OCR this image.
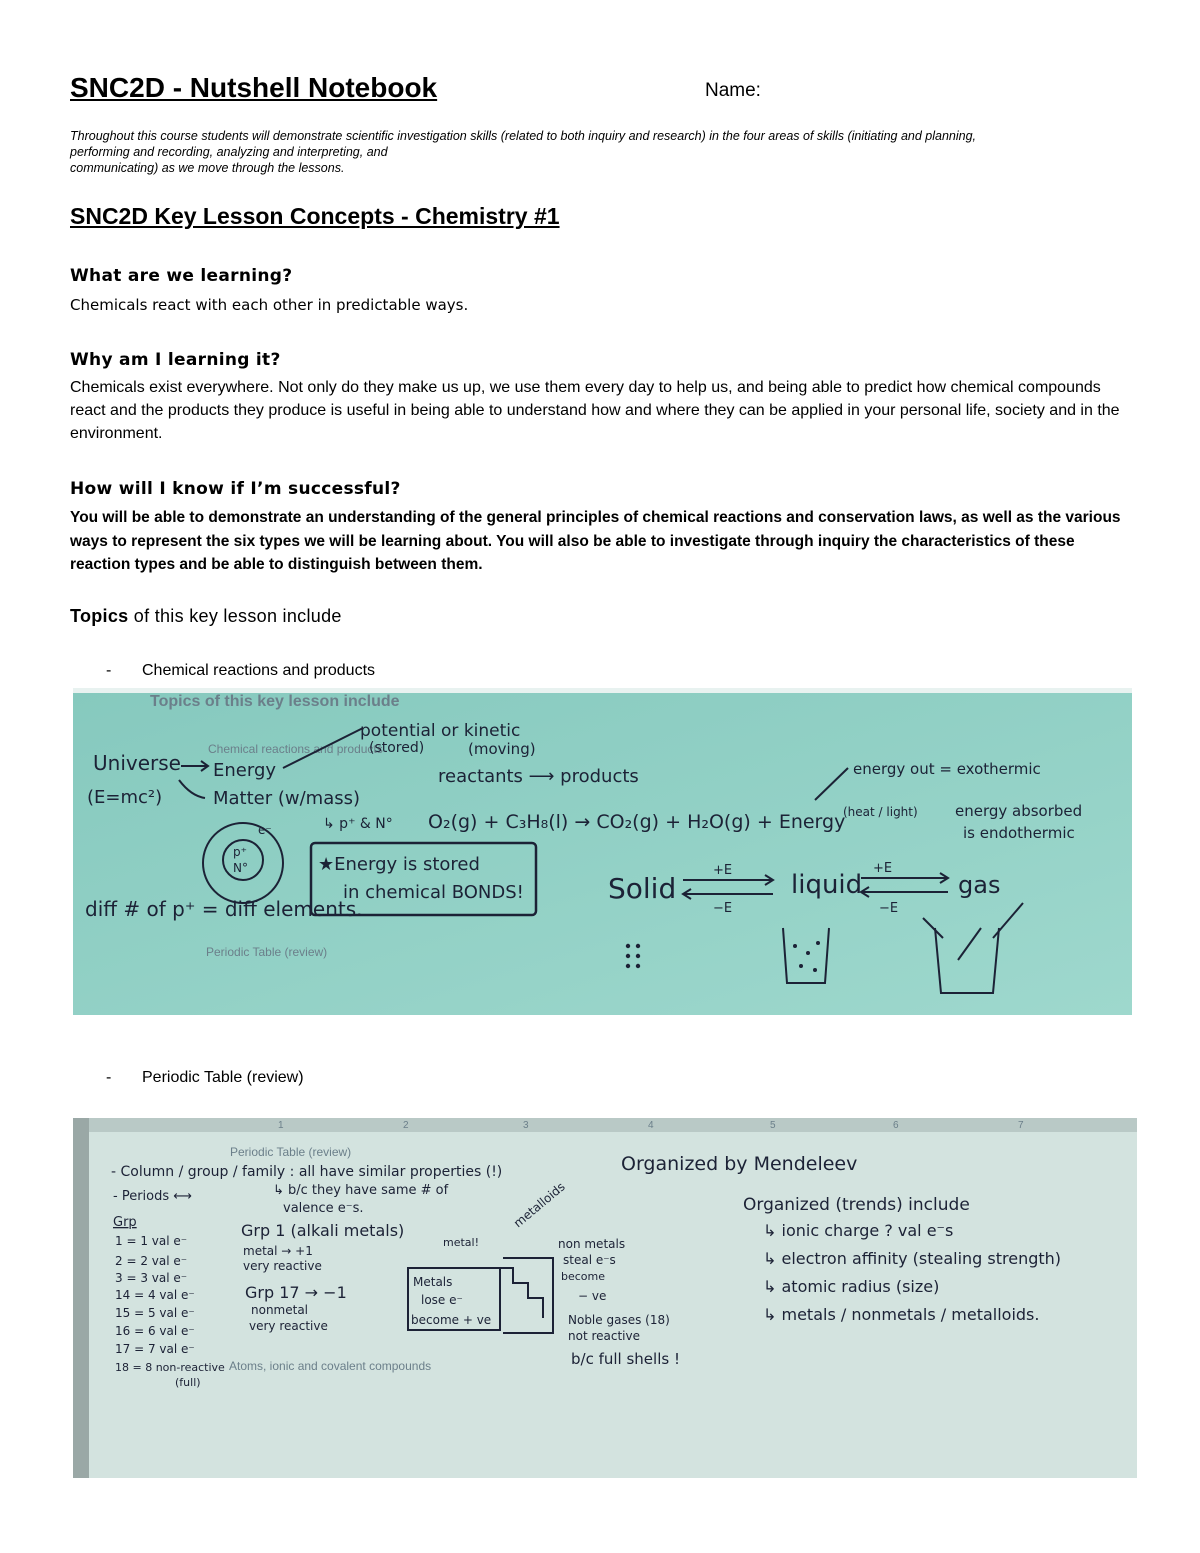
SNC2D - Nutshell Notebook	Name:
Throughout this course students will demonstrate scientific investigation skills (related to both inquiry and research) in the four areas of skills (initiating and planning,
performing and recording, analyzing and interpreting, and
communicating) as we move through the lessons.
SNC2D Key Lesson Concepts - Chemistry #1
What are we learning?
Chemicals react with each other in predictable ways.
Why am I learning it?
Chemicals exist everywhere. Not only do they make us up, we use them every day to help us, and being able to predict how chemical compounds react and the products they produce is useful in being able to understand how and where they can be applied in your personal life, society and in the environment.
How will I know if I’m successful?
You will be able to demonstrate an understanding of the general principles of chemical reactions and conservation laws, as well as the various ways to represent the six types we will be learning about. You will also be able to investigate through inquiry the characteristics of these reaction types and be able to distinguish between them.
Topics of this key lesson include
- Chemical reactions and products
Topics of this key lesson include
Chemical reactions and products
Periodic Table (review)
Universe
(E=mc²)
Energy
Matter (w/mass)
↳ p⁺ & N°
potential or kinetic
(stored)	(moving)
reactants ⟶ products
O₂(g) + C₃H₈(l) → CO₂(g) + H₂O(g) + Energy
(heat / light)
energy out = exothermic
energy absorbed
is endothermic
p⁺
N°
e⁻
★Energy is stored
in chemical BONDS!
diff # of p⁺ = diff elements.
Solid
+E
−E
liquid
+E
−E
gas
- Periodic Table (review)
2	3	4	5	6	7
1
Periodic Table (review)
Atoms, ionic and covalent compounds
- Column / group / family : all have similar properties (!)
↳ b/c they have same # of
valence e⁻s.
- Periods ⟷
Grp
1 = 1 val e⁻
2 = 2 val e⁻
3 = 3 val e⁻
14 = 4 val e⁻
15 = 5 val e⁻
16 = 6 val e⁻
17 = 7 val e⁻
18 = 8 non-reactive
(full)
Grp 1 (alkali metals)
metal → +1
very reactive
Grp 17 → −1
nonmetal
very reactive
metal!
Metals
lose e⁻
become + ve
metalloids
non metals
steal e⁻s
become
− ve
Noble gases (18)
not reactive
b/c full shells !
Organized by Mendeleev
Organized (trends) include
↳ ionic charge ? val e⁻s
↳ electron affinity (stealing strength)
↳ atomic radius (size)
↳ metals / nonmetals / metalloids.
